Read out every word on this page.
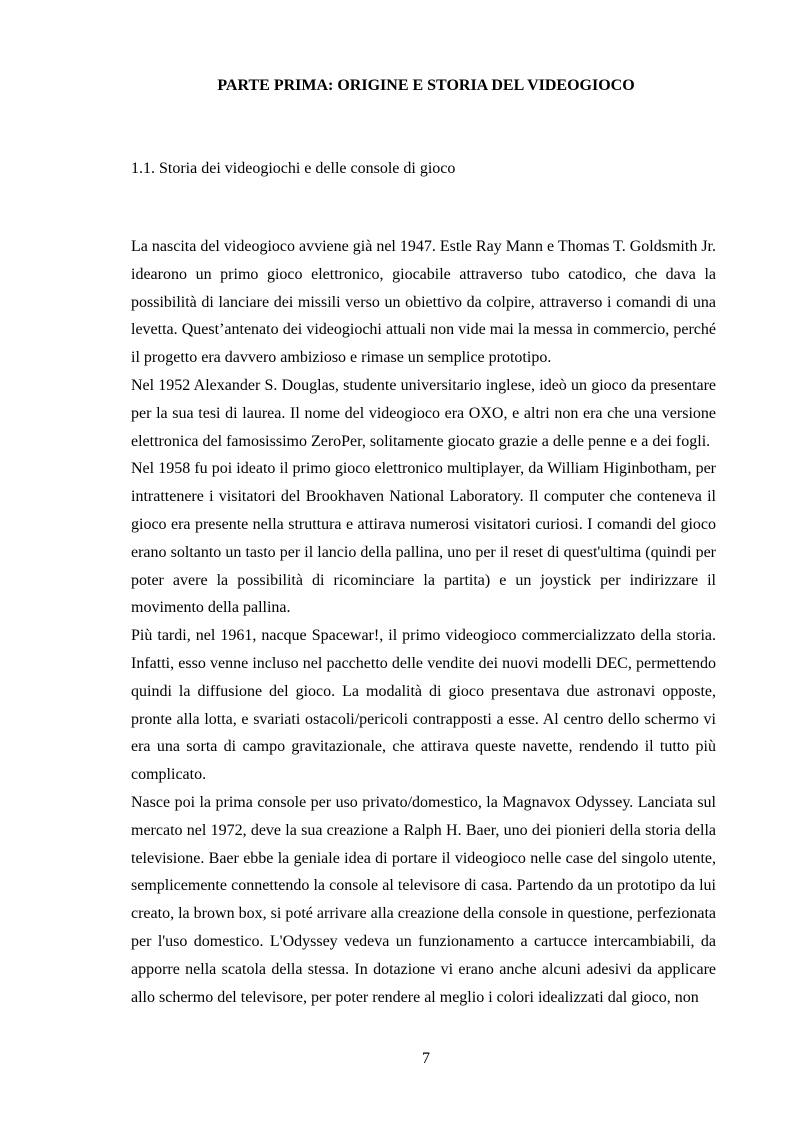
PARTE PRIMA: ORIGINE E STORIA DEL VIDEOGIOCO
1.1. Storia dei videogiochi e delle console di gioco

La nascita del videogioco avviene già nel 1947. Estle Ray Mann e Thomas T. Goldsmith Jr. idearono un primo gioco elettronico, giocabile attraverso tubo catodico, che dava la possibilità di lanciare dei missili verso un obiettivo da colpire, attraverso i comandi di una levetta. Quest’antenato dei videogiochi attuali non vide mai la messa in commercio, perché il progetto era davvero ambizioso e rimase un semplice prototipo.

Nel 1952 Alexander S. Douglas, studente universitario inglese, ideò un gioco da presentare per la sua tesi di laurea. Il nome del videogioco era OXO, e altri non era che una versione elettronica del famosissimo ZeroPer, solitamente giocato grazie a delle penne e a dei fogli.

Nel 1958 fu poi ideato il primo gioco elettronico multiplayer, da William Higinbotham, per intrattenere i visitatori del Brookhaven National Laboratory. Il computer che conteneva il gioco era presente nella struttura e attirava numerosi visitatori curiosi. I comandi del gioco erano soltanto un tasto per il lancio della pallina, uno per il reset di quest'ultima (quindi per poter avere la possibilità di ricominciare la partita) e un joystick per indirizzare il movimento della pallina.

Più tardi, nel 1961, nacque Spacewar!, il primo videogioco commercializzato della storia. Infatti, esso venne incluso nel pacchetto delle vendite dei nuovi modelli DEC, permettendo quindi la diffusione del gioco. La modalità di gioco presentava due astronavi opposte, pronte alla lotta, e svariati ostacoli/pericoli contrapposti a esse. Al centro dello schermo vi era una sorta di campo gravitazionale, che attirava queste navette, rendendo il tutto più complicato.

Nasce poi la prima console per uso privato/domestico, la Magnavox Odyssey. Lanciata sul mercato nel 1972, deve la sua creazione a Ralph H. Baer, uno dei pionieri della storia della televisione. Baer ebbe la geniale idea di portare il videogioco nelle case del singolo utente, semplicemente connettendo la console al televisore di casa. Partendo da un prototipo da lui creato, la brown box, si poté arrivare alla creazione della console in questione, perfezionata per l'uso domestico. L'Odyssey vedeva un funzionamento a cartucce intercambiabili, da apporre nella scatola della stessa. In dotazione vi erano anche alcuni adesivi da applicare allo schermo del televisore, per poter rendere al meglio i colori idealizzati dal gioco, non

7
